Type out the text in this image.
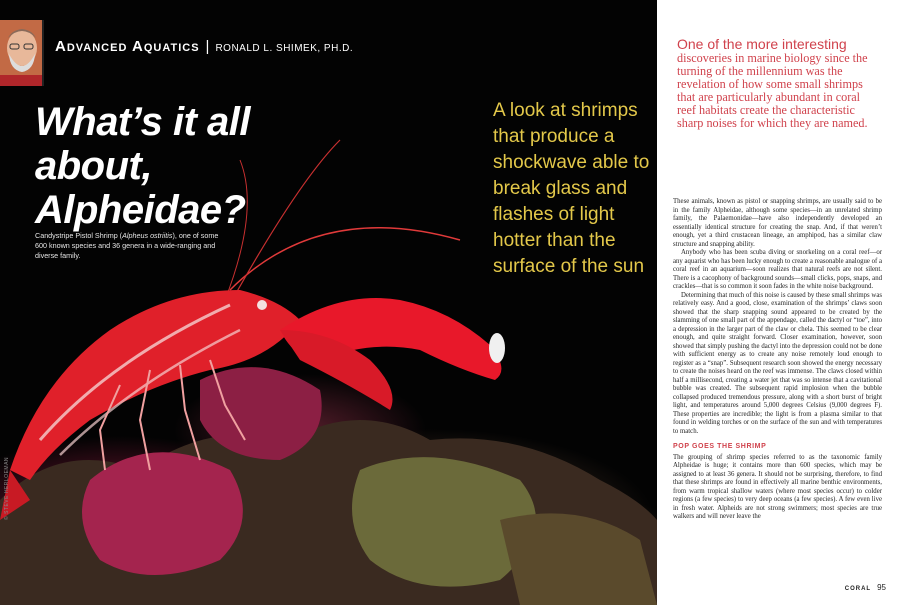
Advanced Aquatics | RONALD L. SHIMEK, PH.D.
What’s it all about,
Alpheidae?
A look at shrimps that produce a shockwave able to break glass and flashes of light hotter than the surface of the sun
Candystripe Pistol Shrimp (Alpheus ostriitis), one of some 600 known species and 36 genera in a wide-ranging and diverse family.
© STEVE HERLOEMAN
One of the more interesting discoveries in marine biology since the turning of the millennium was the revelation of how some small shrimps that are particularly abundant in coral reef habitats create the characteristic sharp noises for which they are named.

These animals, known as pistol or snapping shrimps, are usually said to be in the family Alpheidae, although some species—in an unrelated shrimp family, the Palaemonidae—have also independently developed an essentially identical structure for creating the snap. And, if that weren’t enough, yet a third crustacean lineage, an amphipod, has a similar claw structure and snapping ability.

Anybody who has been scuba diving or snorkeling on a coral reef—or any aquarist who has been lucky enough to create a reasonable analogue of a coral reef in an aquarium—soon realizes that natural reefs are not silent. There is a cacophony of background sounds—small clicks, pops, snaps, and crackles—that is so common it soon fades in the white noise background.

Determining that much of this noise is caused by these small shrimps was relatively easy. And a good, close, examination of the shrimps’ claws soon showed that the sharp snapping sound appeared to be created by the slamming of one small part of the appendage, called the dactyl or “toe”, into a depression in the larger part of the claw or chela. This seemed to be clear enough, and quite straight forward. Closer examination, however, soon showed that simply pushing the dactyl into the depression could not be done with sufficient energy as to create any noise remotely loud enough to register as a “snap”. Subsequent research soon showed the energy necessary to create the noises heard on the reef was immense. The claws closed within half a millisecond, creating a water jet that was so intense that a cavitational bubble was created. The subsequent rapid implosion when the bubble collapsed produced tremendous pressure, along with a short burst of bright light, and temperatures around 5,000 degrees Celsius (9,000 degrees F). These properties are incredible; the light is from a plasma similar to that found in welding torches or on the surface of the sun and with temperatures to match.

POP GOES THE SHRIMP

The grouping of shrimp species referred to as the taxonomic family Alpheidae is huge; it contains more than 600 species, which may be assigned to at least 36 genera. It should not be surprising, therefore, to find that these shrimps are found in effectively all marine benthic environments, from warm tropical shallow waters (where most species occur) to colder regions (a few species) to very deep oceans (a few species). A few even live in fresh water. Alpheids are not strong swimmers; most species are true walkers and will never leave the

coral 95
